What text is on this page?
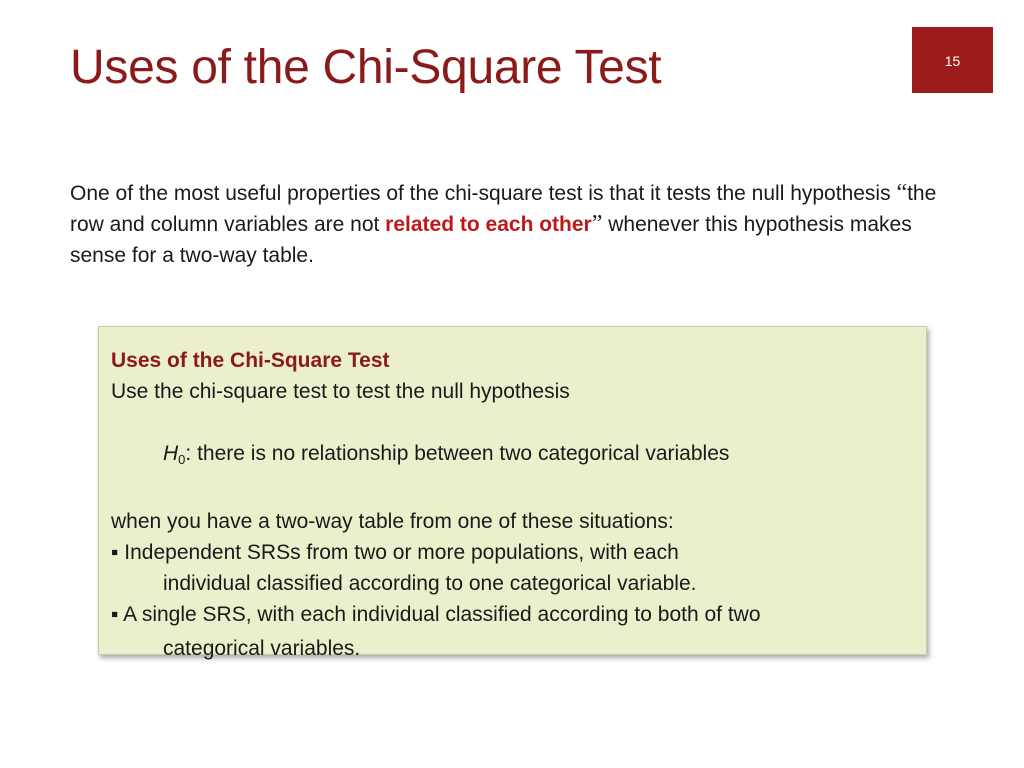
Uses of the Chi-Square Test	15
One of the most useful properties of the chi-square test is that it tests the null hypothesis “the row and column variables are not related to each other” whenever this hypothesis makes sense for a two-way table.
Uses of the Chi-Square Test
Use the chi-square test to test the null hypothesis
$H_0$: there is no relationship between two categorical variables
when you have a two-way table from one of these situations:
▪ Independent SRSs from two or more populations, with each
individual classified according to one categorical variable.
▪ A single SRS, with each individual classified according to both of two
categorical variables.
